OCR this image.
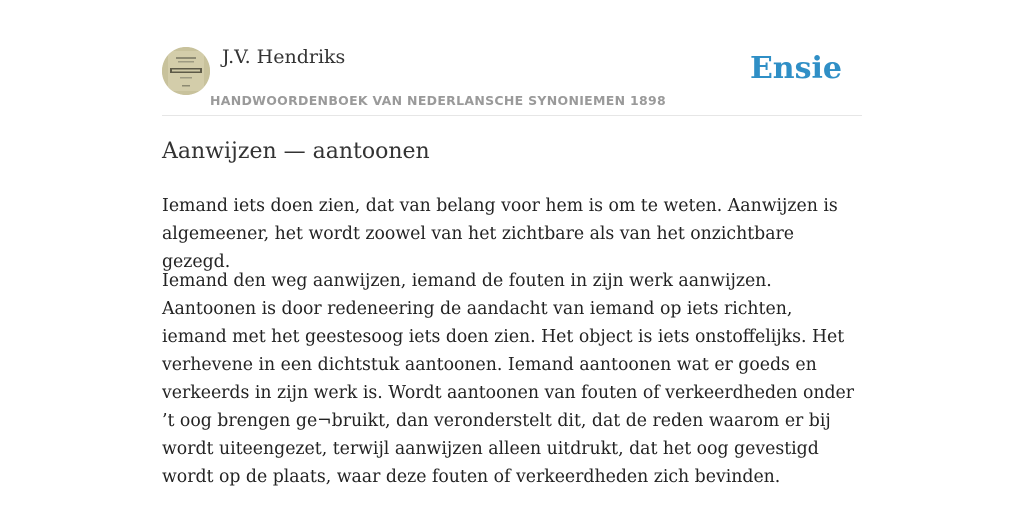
J.V. Hendriks
HANDWOORDENBOEK VAN NEDERLANSCHE SYNONIEMEN 1898
Ensie
Aanwijzen — aantoonen

Iemand iets doen zien, dat van belang voor hem is om te weten. Aanwijzen is algemeener, het wordt zoowel van het zichtbare als van het onzichtbare gezegd.

Iemand den weg aanwijzen, iemand de fouten in zijn werk aanwijzen. Aantoonen is door redeneering de aandacht van iemand op iets richten, iemand met het geestesoog iets doen zien. Het object is iets onstoffelijks. Het verhevene in een dichtstuk aantoonen. Iemand aantoonen wat er goeds en verkeerds in zijn werk is. Wordt aantoonen van fouten of verkeerdheden onder ’t oog brengen ge¬bruikt, dan veronderstelt dit, dat de reden waarom er bij wordt uiteengezet, terwijl aanwijzen alleen uitdrukt, dat het oog gevestigd wordt op de plaats, waar deze fouten of verkeerdheden zich bevinden.
